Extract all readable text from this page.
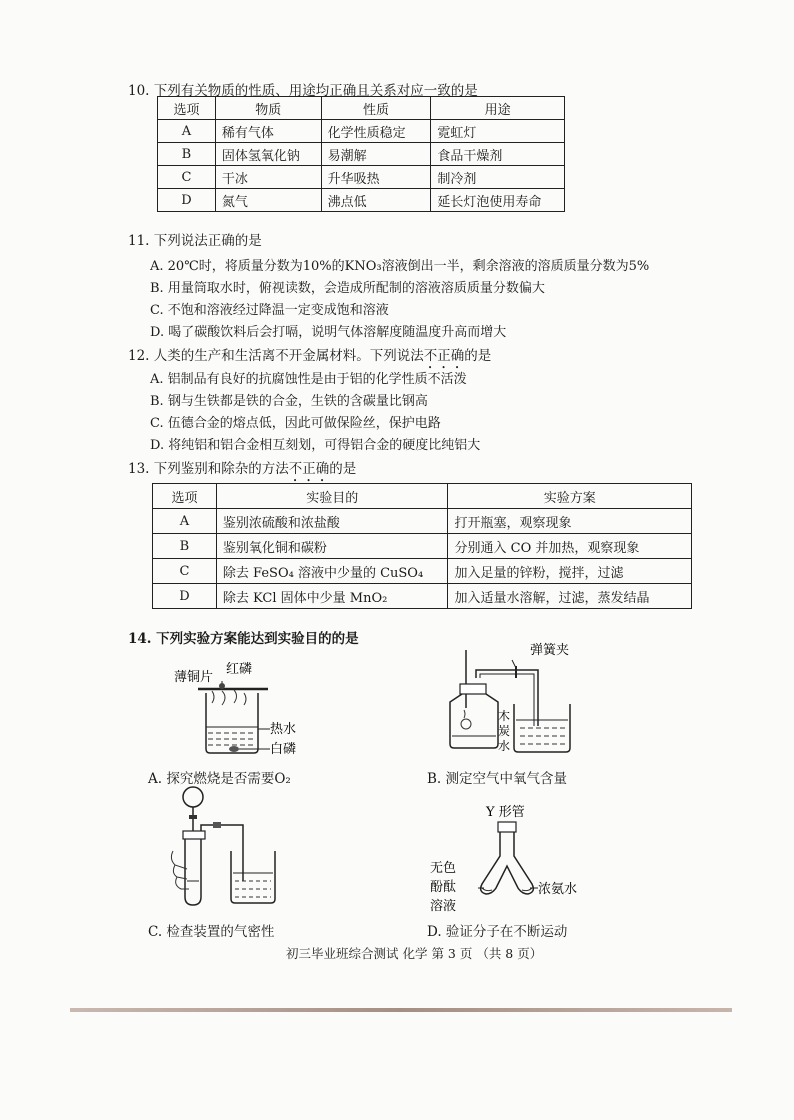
10. 下列有关物质的性质、用途均正确且关系对应一致的是
选项	物质	性质	用途
A	稀有气体	化学性质稳定	霓虹灯
B	固体氢氧化钠	易潮解	食品干燥剂
C	干冰	升华吸热	制冷剂
D	氮气	沸点低	延长灯泡使用寿命
11. 下列说法正确的是
A. 20℃时，将质量分数为10%的KNO₃溶液倒出一半，剩余溶液的溶质质量分数为5%
B. 用量筒取水时，俯视读数，会造成所配制的溶液溶质质量分数偏大
C. 不饱和溶液经过降温一定变成饱和溶液
D. 喝了碳酸饮料后会打嗝，说明气体溶解度随温度升高而增大
12. 人类的生产和生活离不开金属材料。下列说法不正确的是
A. 铝制品有良好的抗腐蚀性是由于铝的化学性质不活泼
B. 钢与生铁都是铁的合金，生铁的含碳量比钢高
C. 伍德合金的熔点低，因此可做保险丝，保护电路
D. 将纯铝和铝合金相互刻划，可得铝合金的硬度比纯铝大
13. 下列鉴别和除杂的方法不正确的是
选项	实验目的	实验方案
A	鉴别浓硫酸和浓盐酸	打开瓶塞，观察现象
B	鉴别氧化铜和碳粉	分别通入 CO 并加热，观察现象
C	除去 FeSO₄ 溶液中少量的 CuSO₄	加入足量的锌粉，搅拌，过滤
D	除去 KCl 固体中少量 MnO₂	加入适量水溶解，过滤，蒸发结晶
14. 下列实验方案能达到实验目的的是
薄铜片
红磷
热水
白磷
A. 探究燃烧是否需要O₂
弹簧夹
木
炭
水
B. 测定空气中氧气含量
C. 检查装置的气密性
Y 形管
无色
酚酞
溶液
浓氨水
D. 验证分子在不断运动
初三毕业班综合测试 化学 第 3 页 （共 8 页）
